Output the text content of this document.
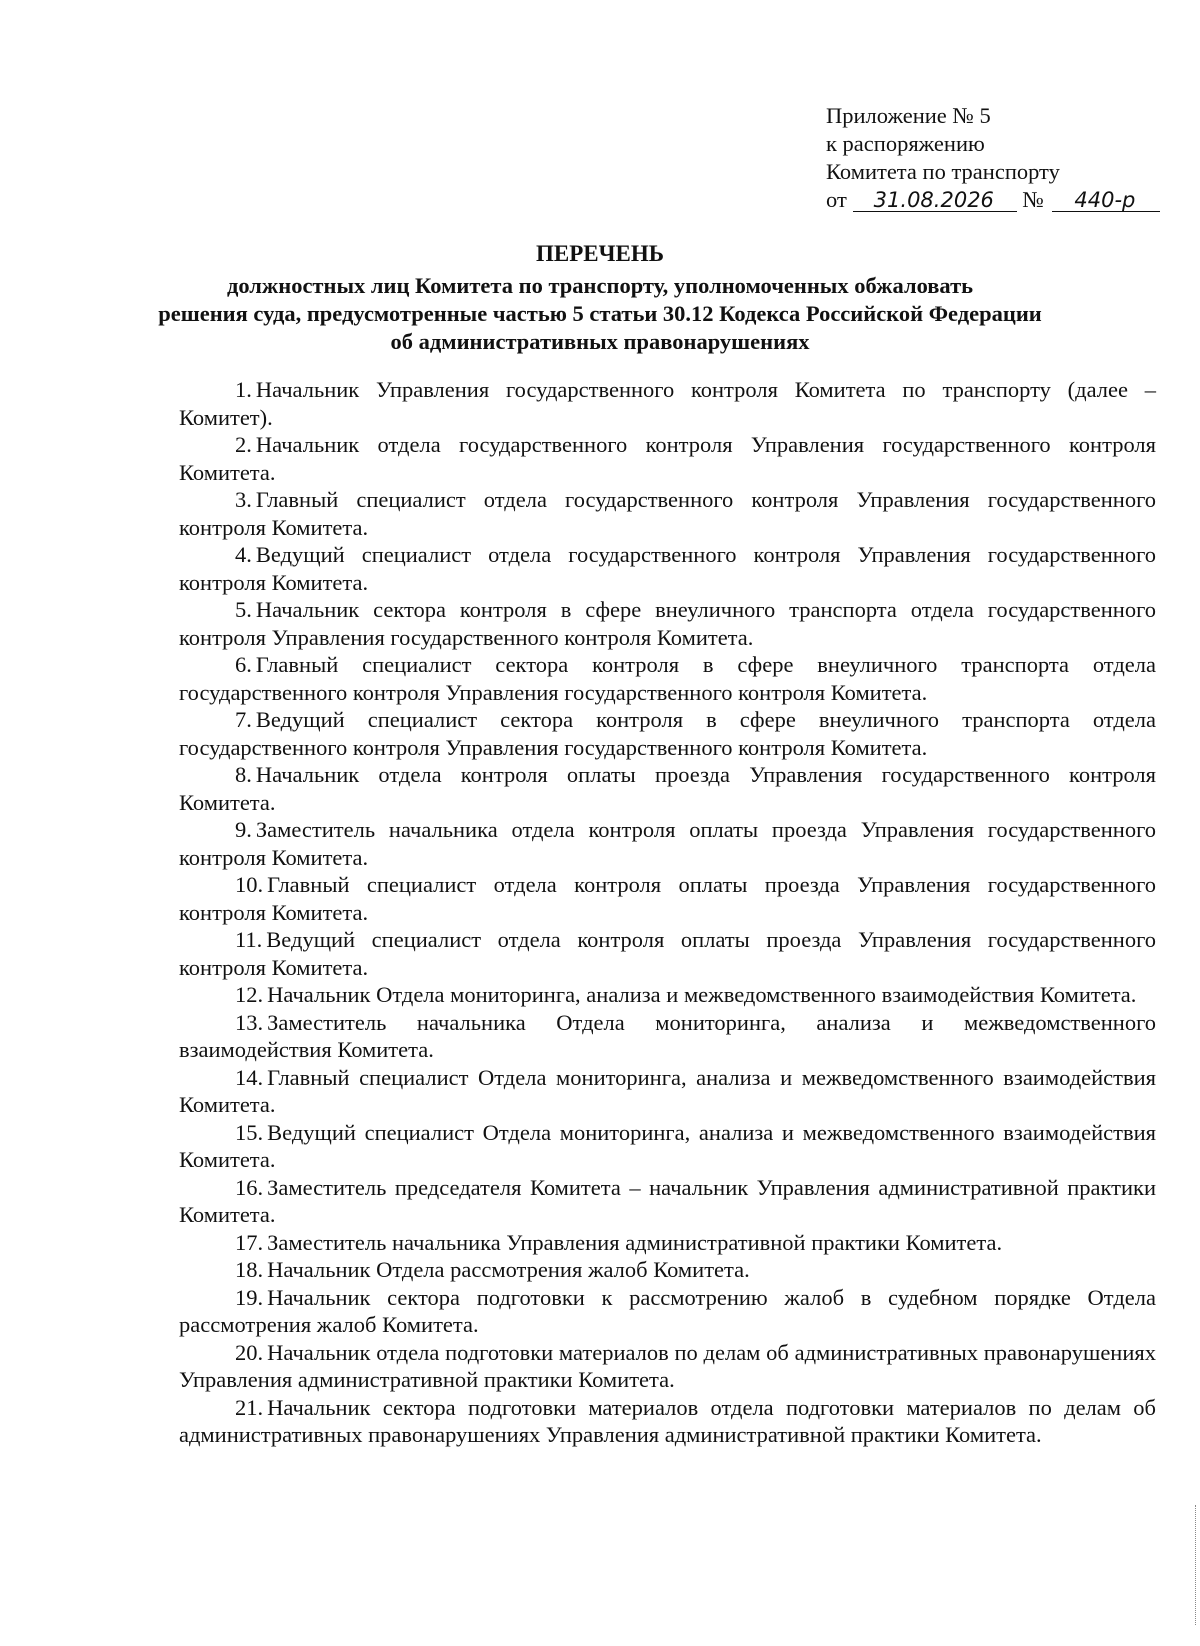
Приложение № 5
к распоряжению
Комитета по транспорту
от 31.08.2026 № 440-р
ПЕРЕЧЕНЬ
должностных лиц Комитета по транспорту, уполномоченных обжаловать
решения суда, предусмотренные частью 5 статьи 30.12 Кодекса Российской Федерации
об административных правонарушениях

1. Начальник Управления государственного контроля Комитета по транспорту (далее – Комитет).

2. Начальник отдела государственного контроля Управления государственного контроля Комитета.

3. Главный специалист отдела государственного контроля Управления государственного контроля Комитета.

4. Ведущий специалист отдела государственного контроля Управления государственного контроля Комитета.

5. Начальник сектора контроля в сфере внеуличного транспорта отдела государственного контроля Управления государственного контроля Комитета.

6. Главный специалист сектора контроля в сфере внеуличного транспорта отдела государственного контроля Управления государственного контроля Комитета.

7. Ведущий специалист сектора контроля в сфере внеуличного транспорта отдела государственного контроля Управления государственного контроля Комитета.

8. Начальник отдела контроля оплаты проезда Управления государственного контроля Комитета.

9. Заместитель начальника отдела контроля оплаты проезда Управления государственного контроля Комитета.

10. Главный специалист отдела контроля оплаты проезда Управления государственного контроля Комитета.

11. Ведущий специалист отдела контроля оплаты проезда Управления государственного контроля Комитета.

12. Начальник Отдела мониторинга, анализа и межведомственного взаимодействия Комитета.

13. Заместитель начальника Отдела мониторинга, анализа и межведомственного взаимодействия Комитета.

14. Главный специалист Отдела мониторинга, анализа и межведомственного взаимодействия Комитета.

15. Ведущий специалист Отдела мониторинга, анализа и межведомственного взаимодействия Комитета.

16. Заместитель председателя Комитета – начальник Управления административной практики Комитета.

17. Заместитель начальника Управления административной практики Комитета.

18. Начальник Отдела рассмотрения жалоб Комитета.

19. Начальник сектора подготовки к рассмотрению жалоб в судебном порядке Отдела рассмотрения жалоб Комитета.

20. Начальник отдела подготовки материалов по делам об административных правонарушениях Управления административной практики Комитета.

21. Начальник сектора подготовки материалов отдела подготовки материалов по делам об административных правонарушениях Управления административной практики Комитета.
